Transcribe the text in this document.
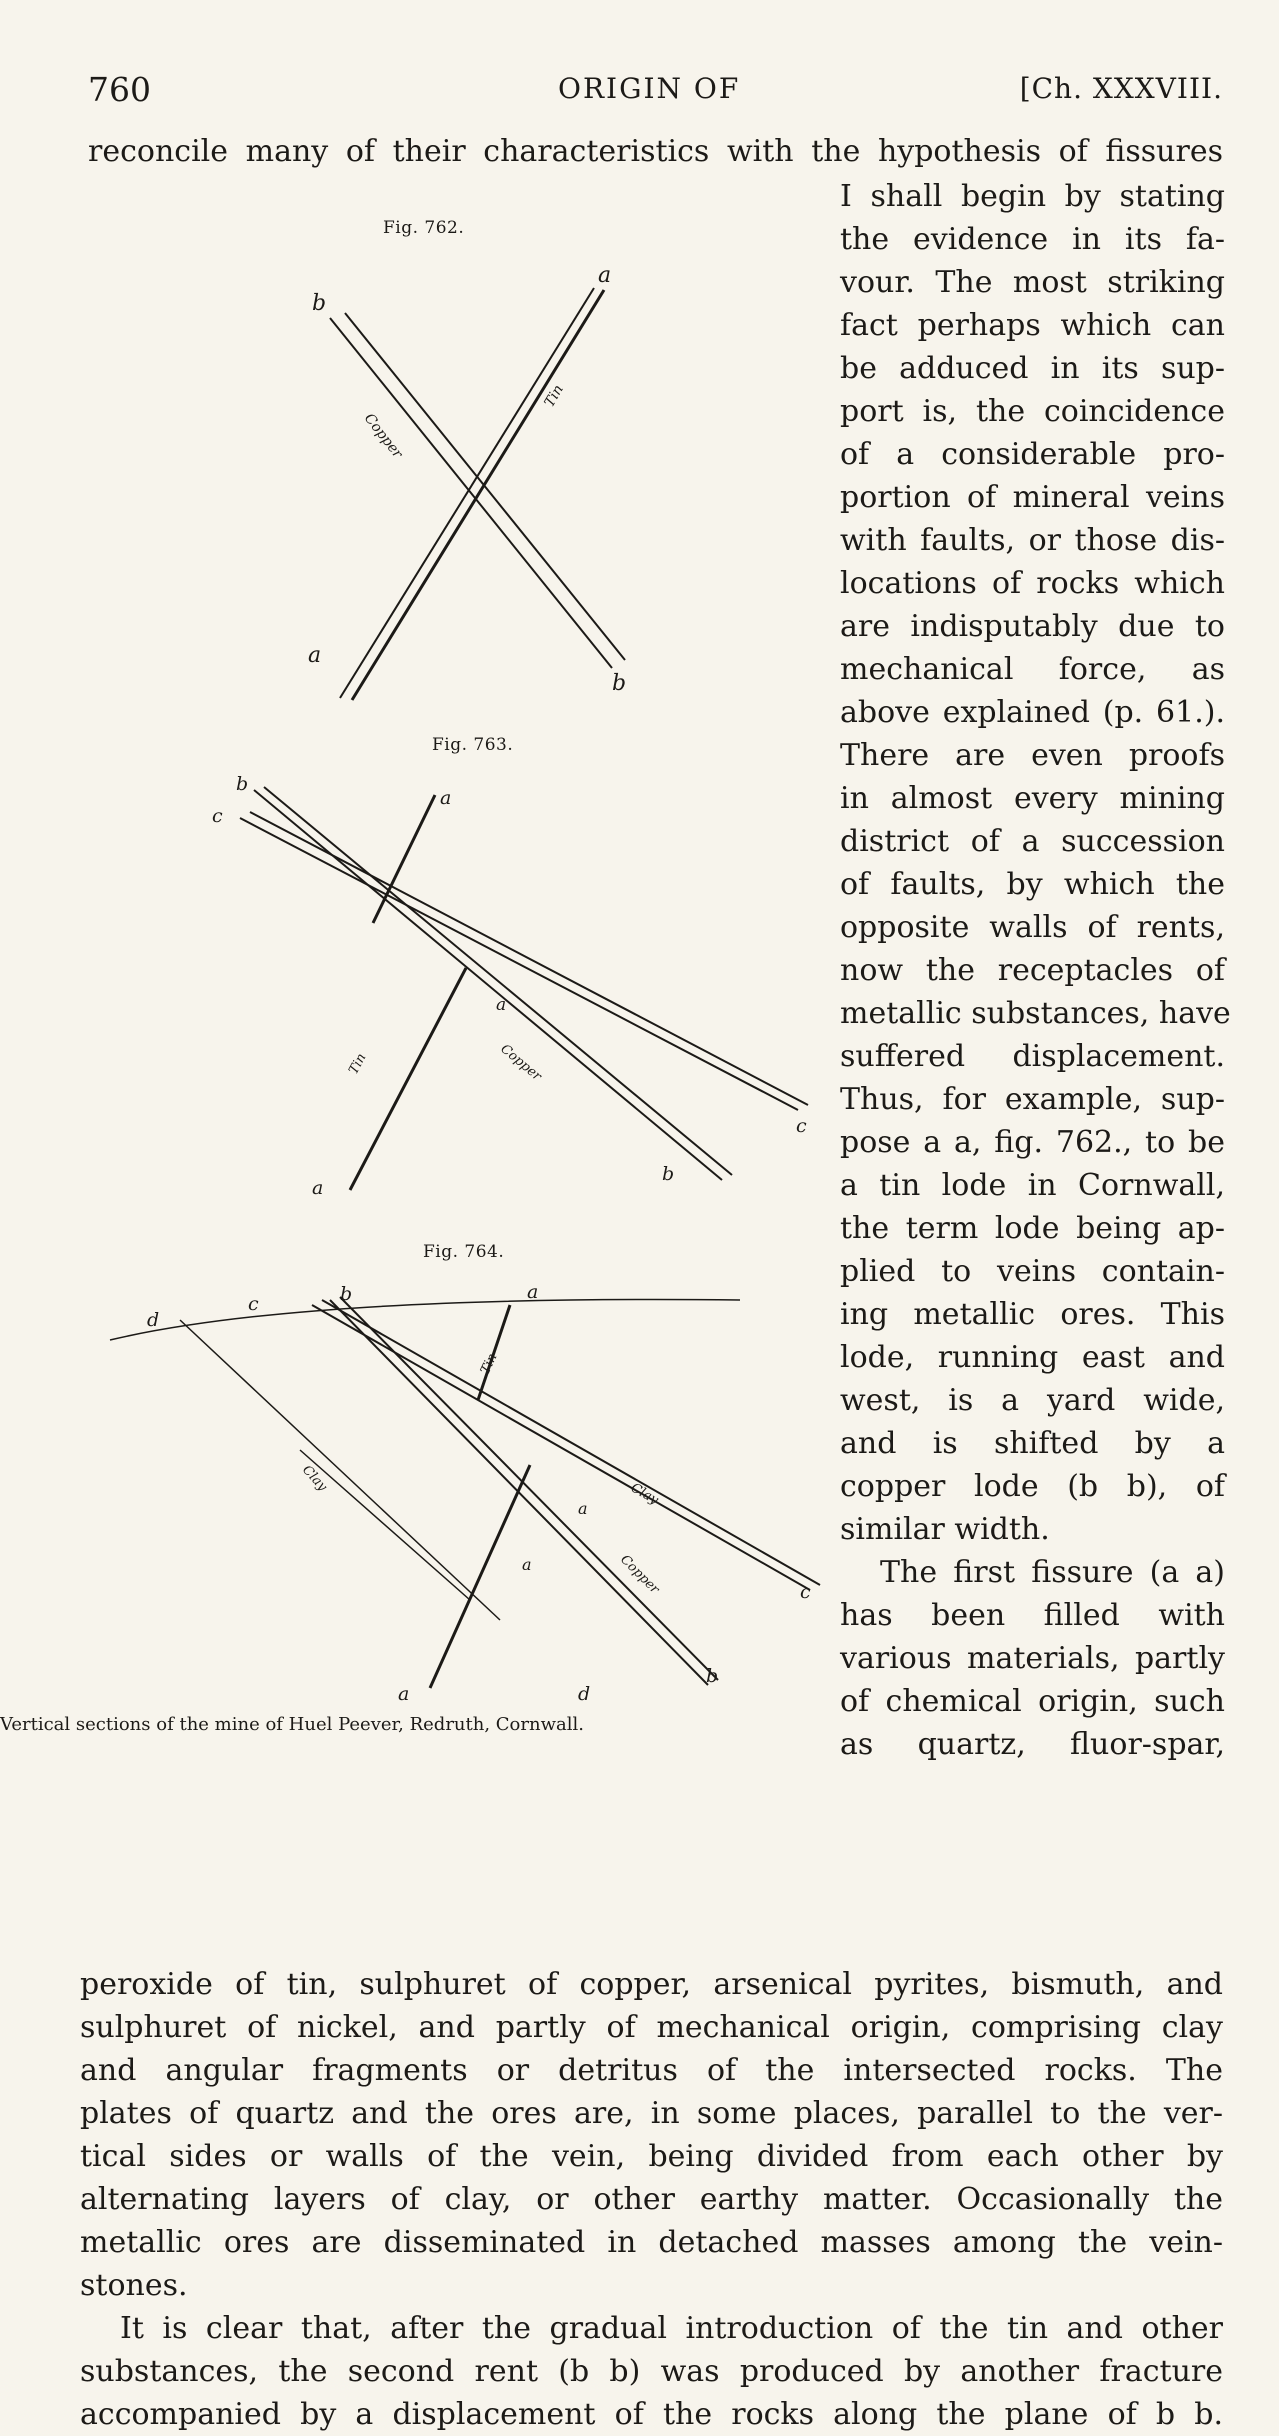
760	ORIGIN OF	[Ch. XXXVIII.
reconcile many of their characteristics with the hypothesis of fissures
Fig. 762.
Fig. 763.
Fig. 764.
Copper
Tin
a
b
a
b
Tin	Copper
c
b
a
a
c
b
a
Tin
Copper
Clay
Clay
d
c	b	a
a
a
c
b
a	d
Vertical sections of the mine of Huel Peever, Redruth, Cornwall.

I shall begin by stating
the evidence in its fa-
vour. The most striking
fact perhaps which can
be adduced in its sup-
port is, the coincidence
of a considerable pro-
portion of mineral veins
with faults, or those dis-
locations of rocks which
are indisputably due to
mechanical force, as
above explained (p. 61.).
There are even proofs
in almost every mining
district of a succession
of faults, by which the
opposite walls of rents,
now the receptacles of
metallic substances, have
suffered displacement.
Thus, for example, sup-
pose a a, fig. 762., to be
a tin lode in Cornwall,
the term lode being ap-
plied to veins contain-
ing metallic ores. This
lode, running east and
west, is a yard wide,
and is shifted by a
copper lode (b b), of
similar width.
The first fissure (a a)
has been filled with
various materials, partly
of chemical origin, such
as quartz, fluor-spar,

peroxide of tin, sulphuret of copper, arsenical pyrites, bismuth, and
sulphuret of nickel, and partly of mechanical origin, comprising clay
and angular fragments or detritus of the intersected rocks. The
plates of quartz and the ores are, in some places, parallel to the ver-
tical sides or walls of the vein, being divided from each other by
alternating layers of clay, or other earthy matter. Occasionally the
metallic ores are disseminated in detached masses among the vein-
stones.
It is clear that, after the gradual introduction of the tin and other
substances, the second rent (b b) was produced by another fracture
accompanied by a displacement of the rocks along the plane of b b.
